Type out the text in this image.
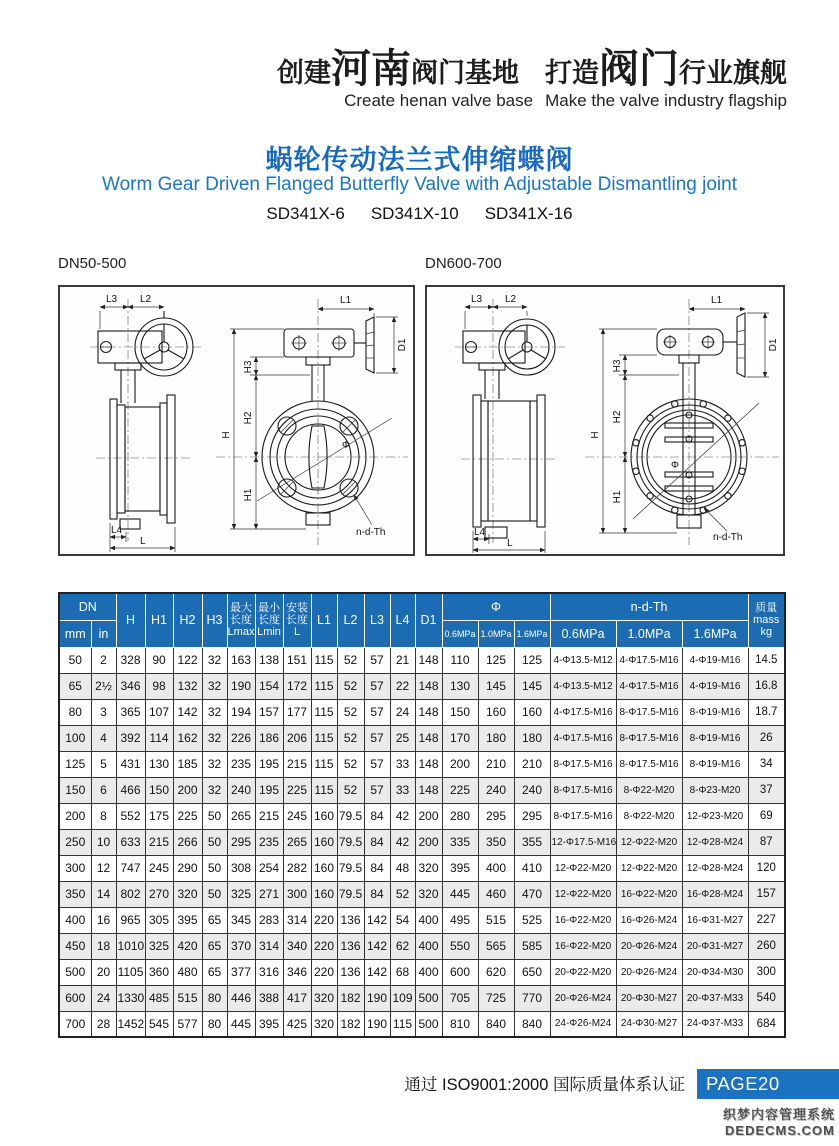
创建河南阀门基地 打造阀门行业旗舰
Create henan valve base Make the valve industry flagship
蜗轮传动法兰式伸缩蝶阀
Worm Gear Driven Flanged Butterfly Valve with Adjustable Dismantling joint
SD341X-6 SD341X-10 SD341X-16
DN50-500
L3 L2
L4
L
Φ
L1
H
H3
H2
H1
D1
n-d-Th
DN600-700
L3 L2
L4
L
Φ
L1
H
H3
H2
H1
D1
n-d-Th
DN		H	H1	H2	H3	最大
长度
Lmax	最小
长度
Lmin	安装
长度
L	L1	L2	L3	L4	D1	Φ			n-d-Th			质量
mass
kg

mm	in													0.6MPa	1.0MPa	1.6MPa	0.6MPa	1.0MPa	1.6MPa	
50	2	328	90	122	32	163	138	151	115	52	57	21	148	110	125	125	4-Φ13.5-M12	4-Φ17.5-M16	4-Φ19-M16	14.5
65	2½	346	98	132	32	190	154	172	115	52	57	22	148	130	145	145	4-Φ13.5-M12	4-Φ17.5-M16	4-Φ19-M16	16.8
80	3	365	107	142	32	194	157	177	115	52	57	24	148	150	160	160	4-Φ17.5-M16	8-Φ17.5-M16	8-Φ19-M16	18.7
100	4	392	114	162	32	226	186	206	115	52	57	25	148	170	180	180	4-Φ17.5-M16	8-Φ17.5-M16	8-Φ19-M16	26
125	5	431	130	185	32	235	195	215	115	52	57	33	148	200	210	210	8-Φ17.5-M16	8-Φ17.5-M16	8-Φ19-M16	34
150	6	466	150	200	32	240	195	225	115	52	57	33	148	225	240	240	8-Φ17.5-M16	8-Φ22-M20	8-Φ23-M20	37
200	8	552	175	225	50	265	215	245	160	79.5	84	42	200	280	295	295	8-Φ17.5-M16	8-Φ22-M20	12-Φ23-M20	69
250	10	633	215	266	50	295	235	265	160	79.5	84	42	200	335	350	355	12-Φ17.5-M16	12-Φ22-M20	12-Φ28-M24	87
300	12	747	245	290	50	308	254	282	160	79.5	84	48	320	395	400	410	12-Φ22-M20	12-Φ22-M20	12-Φ28-M24	120
350	14	802	270	320	50	325	271	300	160	79.5	84	52	320	445	460	470	12-Φ22-M20	16-Φ22-M20	16-Φ28-M24	157
400	16	965	305	395	65	345	283	314	220	136	142	54	400	495	515	525	16-Φ22-M20	16-Φ26-M24	16-Φ31-M27	227
450	18	1010	325	420	65	370	314	340	220	136	142	62	400	550	565	585	16-Φ22-M20	20-Φ26-M24	20-Φ31-M27	260
500	20	1105	360	480	65	377	316	346	220	136	142	68	400	600	620	650	20-Φ22-M20	20-Φ26-M24	20-Φ34-M30	300
600	24	1330	485	515	80	446	388	417	320	182	190	109	500	705	725	770	20-Φ26-M24	20-Φ30-M27	20-Φ37-M33	540
700	28	1452	545	577	80	445	395	425	320	182	190	115	500	810	840	840	24-Φ26-M24	24-Φ30-M27	24-Φ37-M33	684
通过 ISO9001:2000 国际质量体系认证	PAGE20
织梦内容管理系统
DEDECMS.COM
